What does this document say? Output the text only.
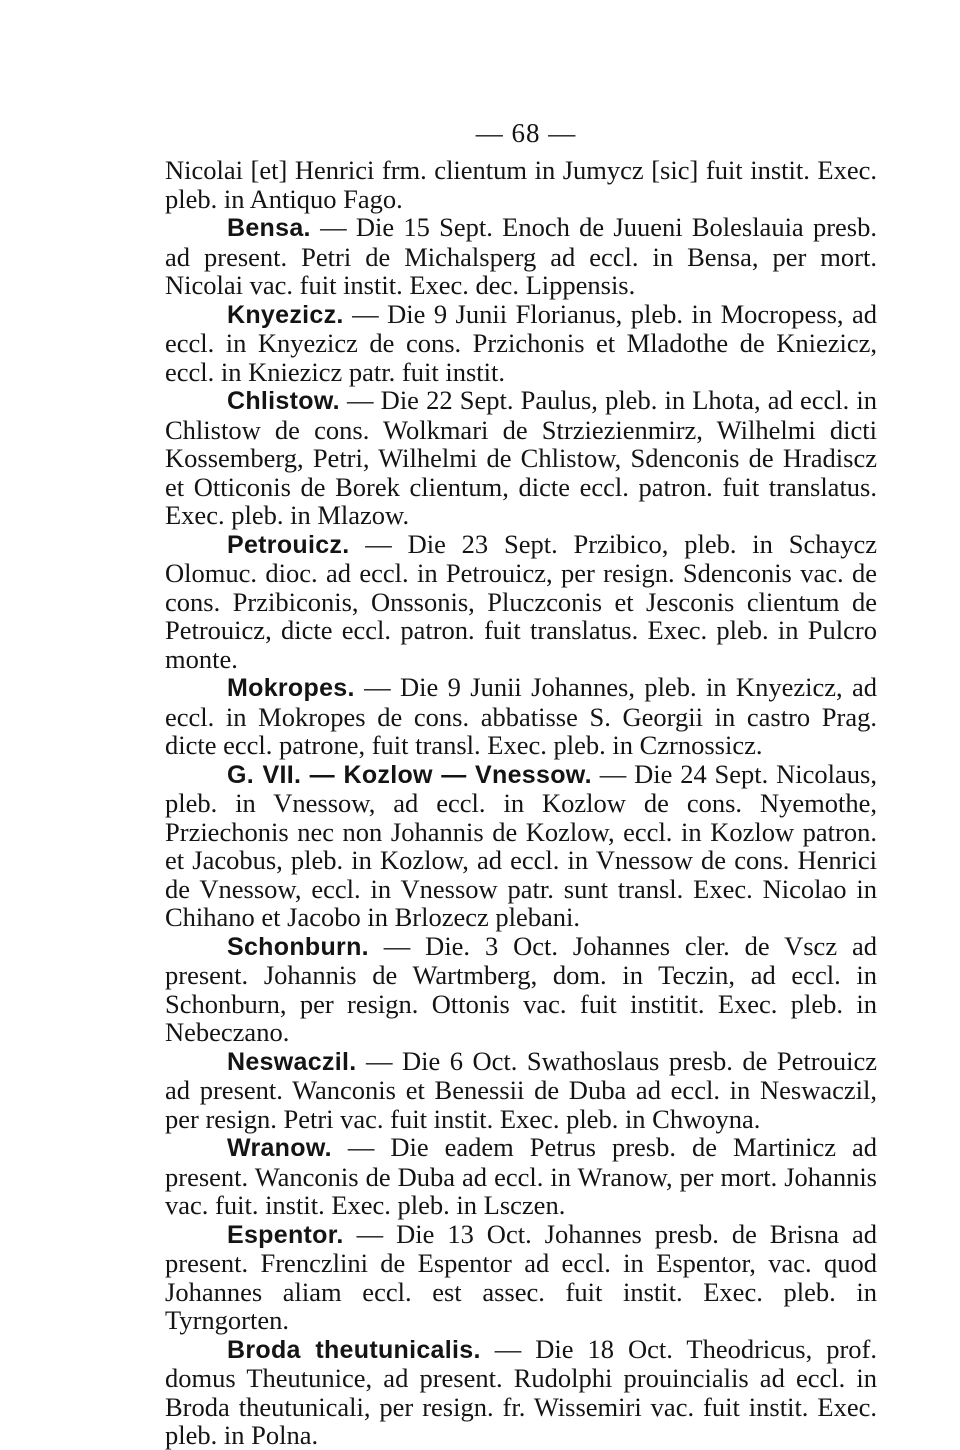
— 68 —

Nicolai [et] Henrici frm. clientum in Jumycz [sic] fuit instit. Exec. pleb. in Antiquo Fago.

Bensa. — Die 15 Sept. Enoch de Juueni Boleslauia presb. ad present. Petri de Michalsperg ad eccl. in Bensa, per mort. Nicolai vac. fuit instit. Exec. dec. Lippensis.

Knyezicz. — Die 9 Junii Florianus, pleb. in Mocropess, ad eccl. in Knyezicz de cons. Przichonis et Mladothe de Kniezicz, eccl. in Kniezicz patr. fuit instit.

Chlistow. — Die 22 Sept. Paulus, pleb. in Lhota, ad eccl. in Chlistow de cons. Wolkmari de Strziezienmirz, Wilhelmi dicti Kossemberg, Petri, Wilhelmi de Chlistow, Sdenconis de Hradiscz et Otticonis de Borek clientum, dicte eccl. patron. fuit translatus. Exec. pleb. in Mlazow.

Petrouicz. — Die 23 Sept. Przibico, pleb. in Schaycz Olomuc. dioc. ad eccl. in Petrouicz, per resign. Sdenconis vac. de cons. Przibiconis, Onssonis, Pluczconis et Jesconis clientum de Petrouicz, dicte eccl. patron. fuit translatus. Exec. pleb. in Pulcro monte.

Mokropes. — Die 9 Junii Johannes, pleb. in Knyezicz, ad eccl. in Mokropes de cons. abbatisse S. Georgii in castro Prag. dicte eccl. patrone, fuit transl. Exec. pleb. in Czrnossicz.

G. VII. — Kozlow — Vnessow. — Die 24 Sept. Nicolaus, pleb. in Vnessow, ad eccl. in Kozlow de cons. Nyemothe, Prziechonis nec non Johannis de Kozlow, eccl. in Kozlow patron. et Jacobus, pleb. in Kozlow, ad eccl. in Vnessow de cons. Henrici de Vnessow, eccl. in Vnessow patr. sunt transl. Exec. Nicolao in Chihano et Jacobo in Brlozecz plebani.

Schonburn. — Die. 3 Oct. Johannes cler. de Vscz ad present. Johannis de Wartmberg, dom. in Teczin, ad eccl. in Schonburn, per resign. Ottonis vac. fuit institit. Exec. pleb. in Nebeczano.

Neswaczil. — Die 6 Oct. Swathoslaus presb. de Petrouicz ad present. Wanconis et Benessii de Duba ad eccl. in Neswaczil, per resign. Petri vac. fuit instit. Exec. pleb. in Chwoyna.

Wranow. — Die eadem Petrus presb. de Martinicz ad present. Wanconis de Duba ad eccl. in Wranow, per mort. Johannis vac. fuit. instit. Exec. pleb. in Lsczen.

Espentor. — Die 13 Oct. Johannes presb. de Brisna ad present. Frenczlini de Espentor ad eccl. in Espentor, vac. quod Johannes aliam eccl. est assec. fuit instit. Exec. pleb. in Tyrngorten.

Broda theutunicalis. — Die 18 Oct. Theodricus, prof. domus Theutunice, ad present. Rudolphi prouincialis ad eccl. in Broda theutunicali, per resign. fr. Wissemiri vac. fuit instit. Exec. pleb. in Polna.
